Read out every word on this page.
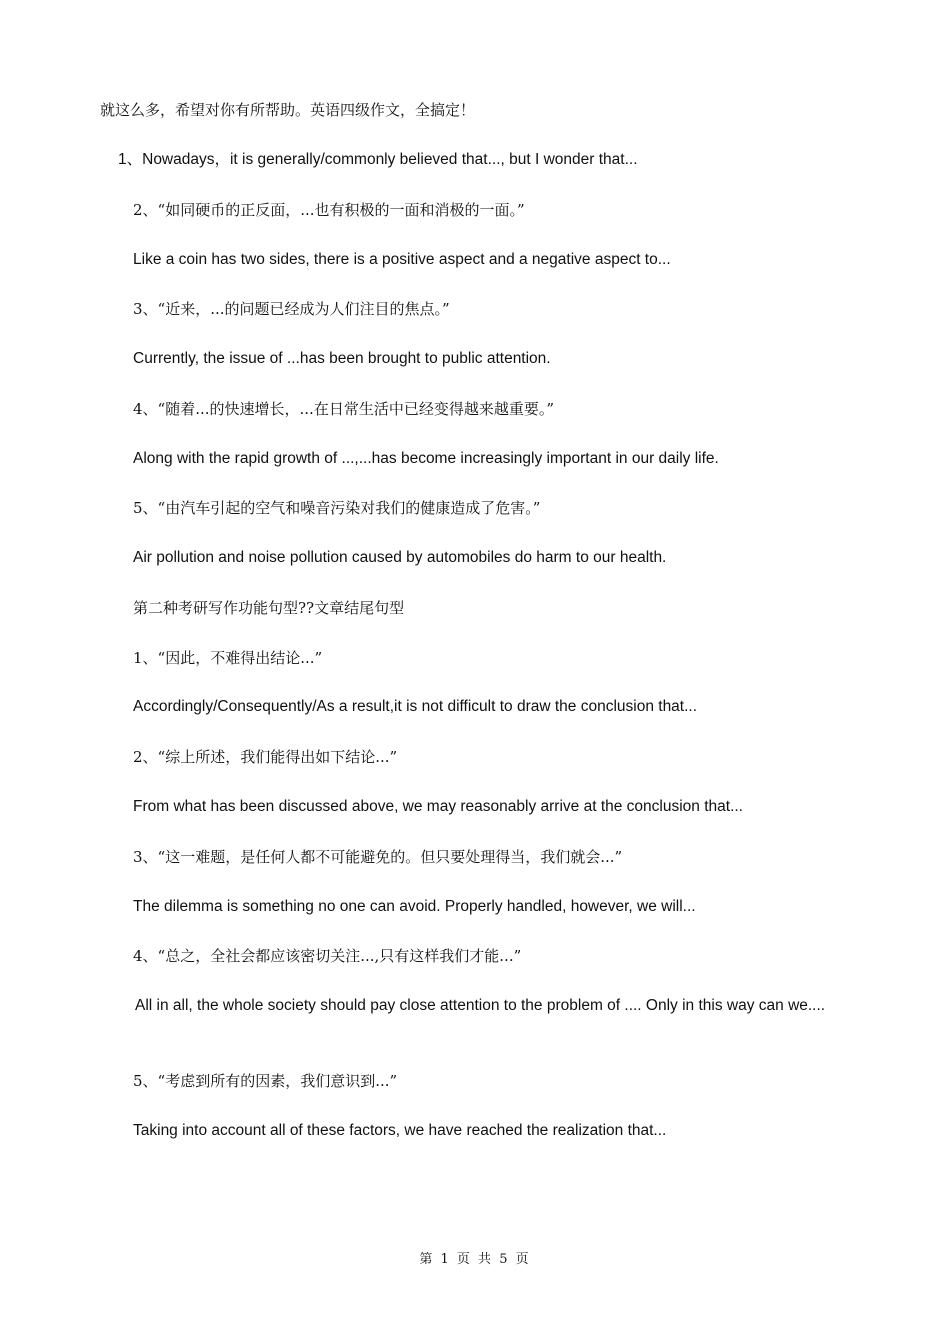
就这么多，希望对你有所帮助。英语四级作文，全搞定！
1、Nowadays，it is generally/commonly believed that..., but I wonder that...
2、“如同硬币的正反面，...也有积极的一面和消极的一面。”
Like a coin has two sides, there is a positive aspect and a negative aspect to...
3、“近来，...的问题已经成为人们注目的焦点。”
Currently, the issue of ...has been brought to public attention.
4、“随着...的快速增长，...在日常生活中已经变得越来越重要。”
Along with the rapid growth of ...,...has become increasingly important in our daily life.
5、“由汽车引起的空气和噪音污染对我们的健康造成了危害。”
Air pollution and noise pollution caused by automobiles do harm to our health.
第二种考研写作功能句型??文章结尾句型
1、“因此，不难得出结论...”
Accordingly/Consequently/As a result,it is not difficult to draw the conclusion that...
2、“综上所述，我们能得出如下结论...”
From what has been discussed above, we may reasonably arrive at the conclusion that...
3、“这一难题，是任何人都不可能避免的。但只要处理得当，我们就会...”
The dilemma is something no one can avoid. Properly handled, however, we will...
4、“总之，全社会都应该密切关注...,只有这样我们才能...”
All in all, the whole society should pay close attention to the problem of .... Only in this way can we....
5、“考虑到所有的因素，我们意识到...”
Taking into account all of these factors, we have reached the realization that...
第 1 页 共 5 页
